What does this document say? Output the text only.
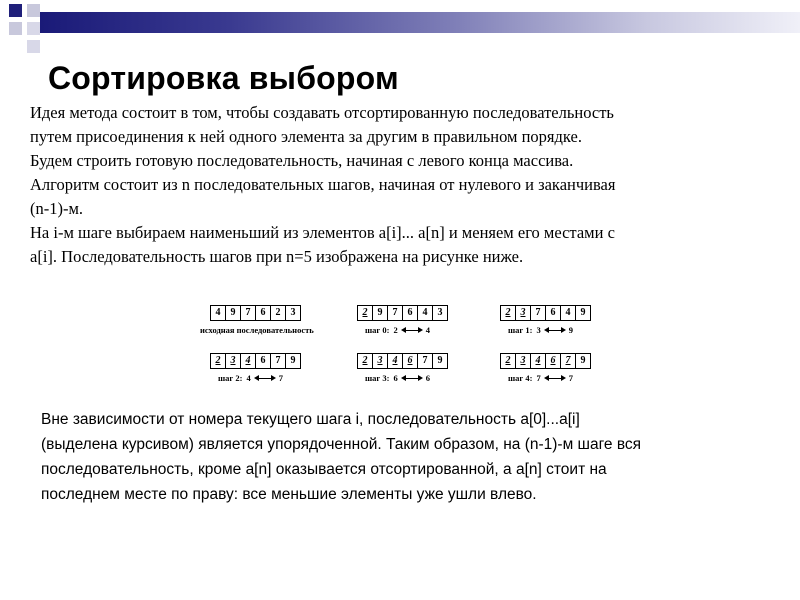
Сортировка выбором

Идея метода состоит в том, чтобы создавать отсортированную последовательность

путем присоединения к ней одного элемента за другим в правильном порядке.

Будем строить готовую последовательность, начиная с левого конца массива.

Алгоритм состоит из n последовательных шагов, начиная от нулевого и заканчивая

(n-1)-м.

На i-м шаге выбираем наименьший из элементов a[i]... a[n] и меняем его местами с

a[i]. Последовательность шагов при n=5 изображена на рисунке ниже.

4	9	7	6	2	3
исходная последовательность
2	9	7	6	4	3
шаг 0: 2	4
2	3	7	6	4	9
шаг 1: 3	9
2	3	4	6	7	9
шаг 2: 4	7
2	3	4	6	7	9
шаг 3: 6	6
2	3	4	6	7	9
шаг 4: 7	7

Вне зависимости от номера текущего шага i, последовательность a[0]...a[i]

(выделена курсивом) является упорядоченной. Таким образом, на (n-1)-м шаге вся

последовательность, кроме a[n] оказывается отсортированной, а a[n] стоит на

последнем месте по праву: все меньшие элементы уже ушли влево.
